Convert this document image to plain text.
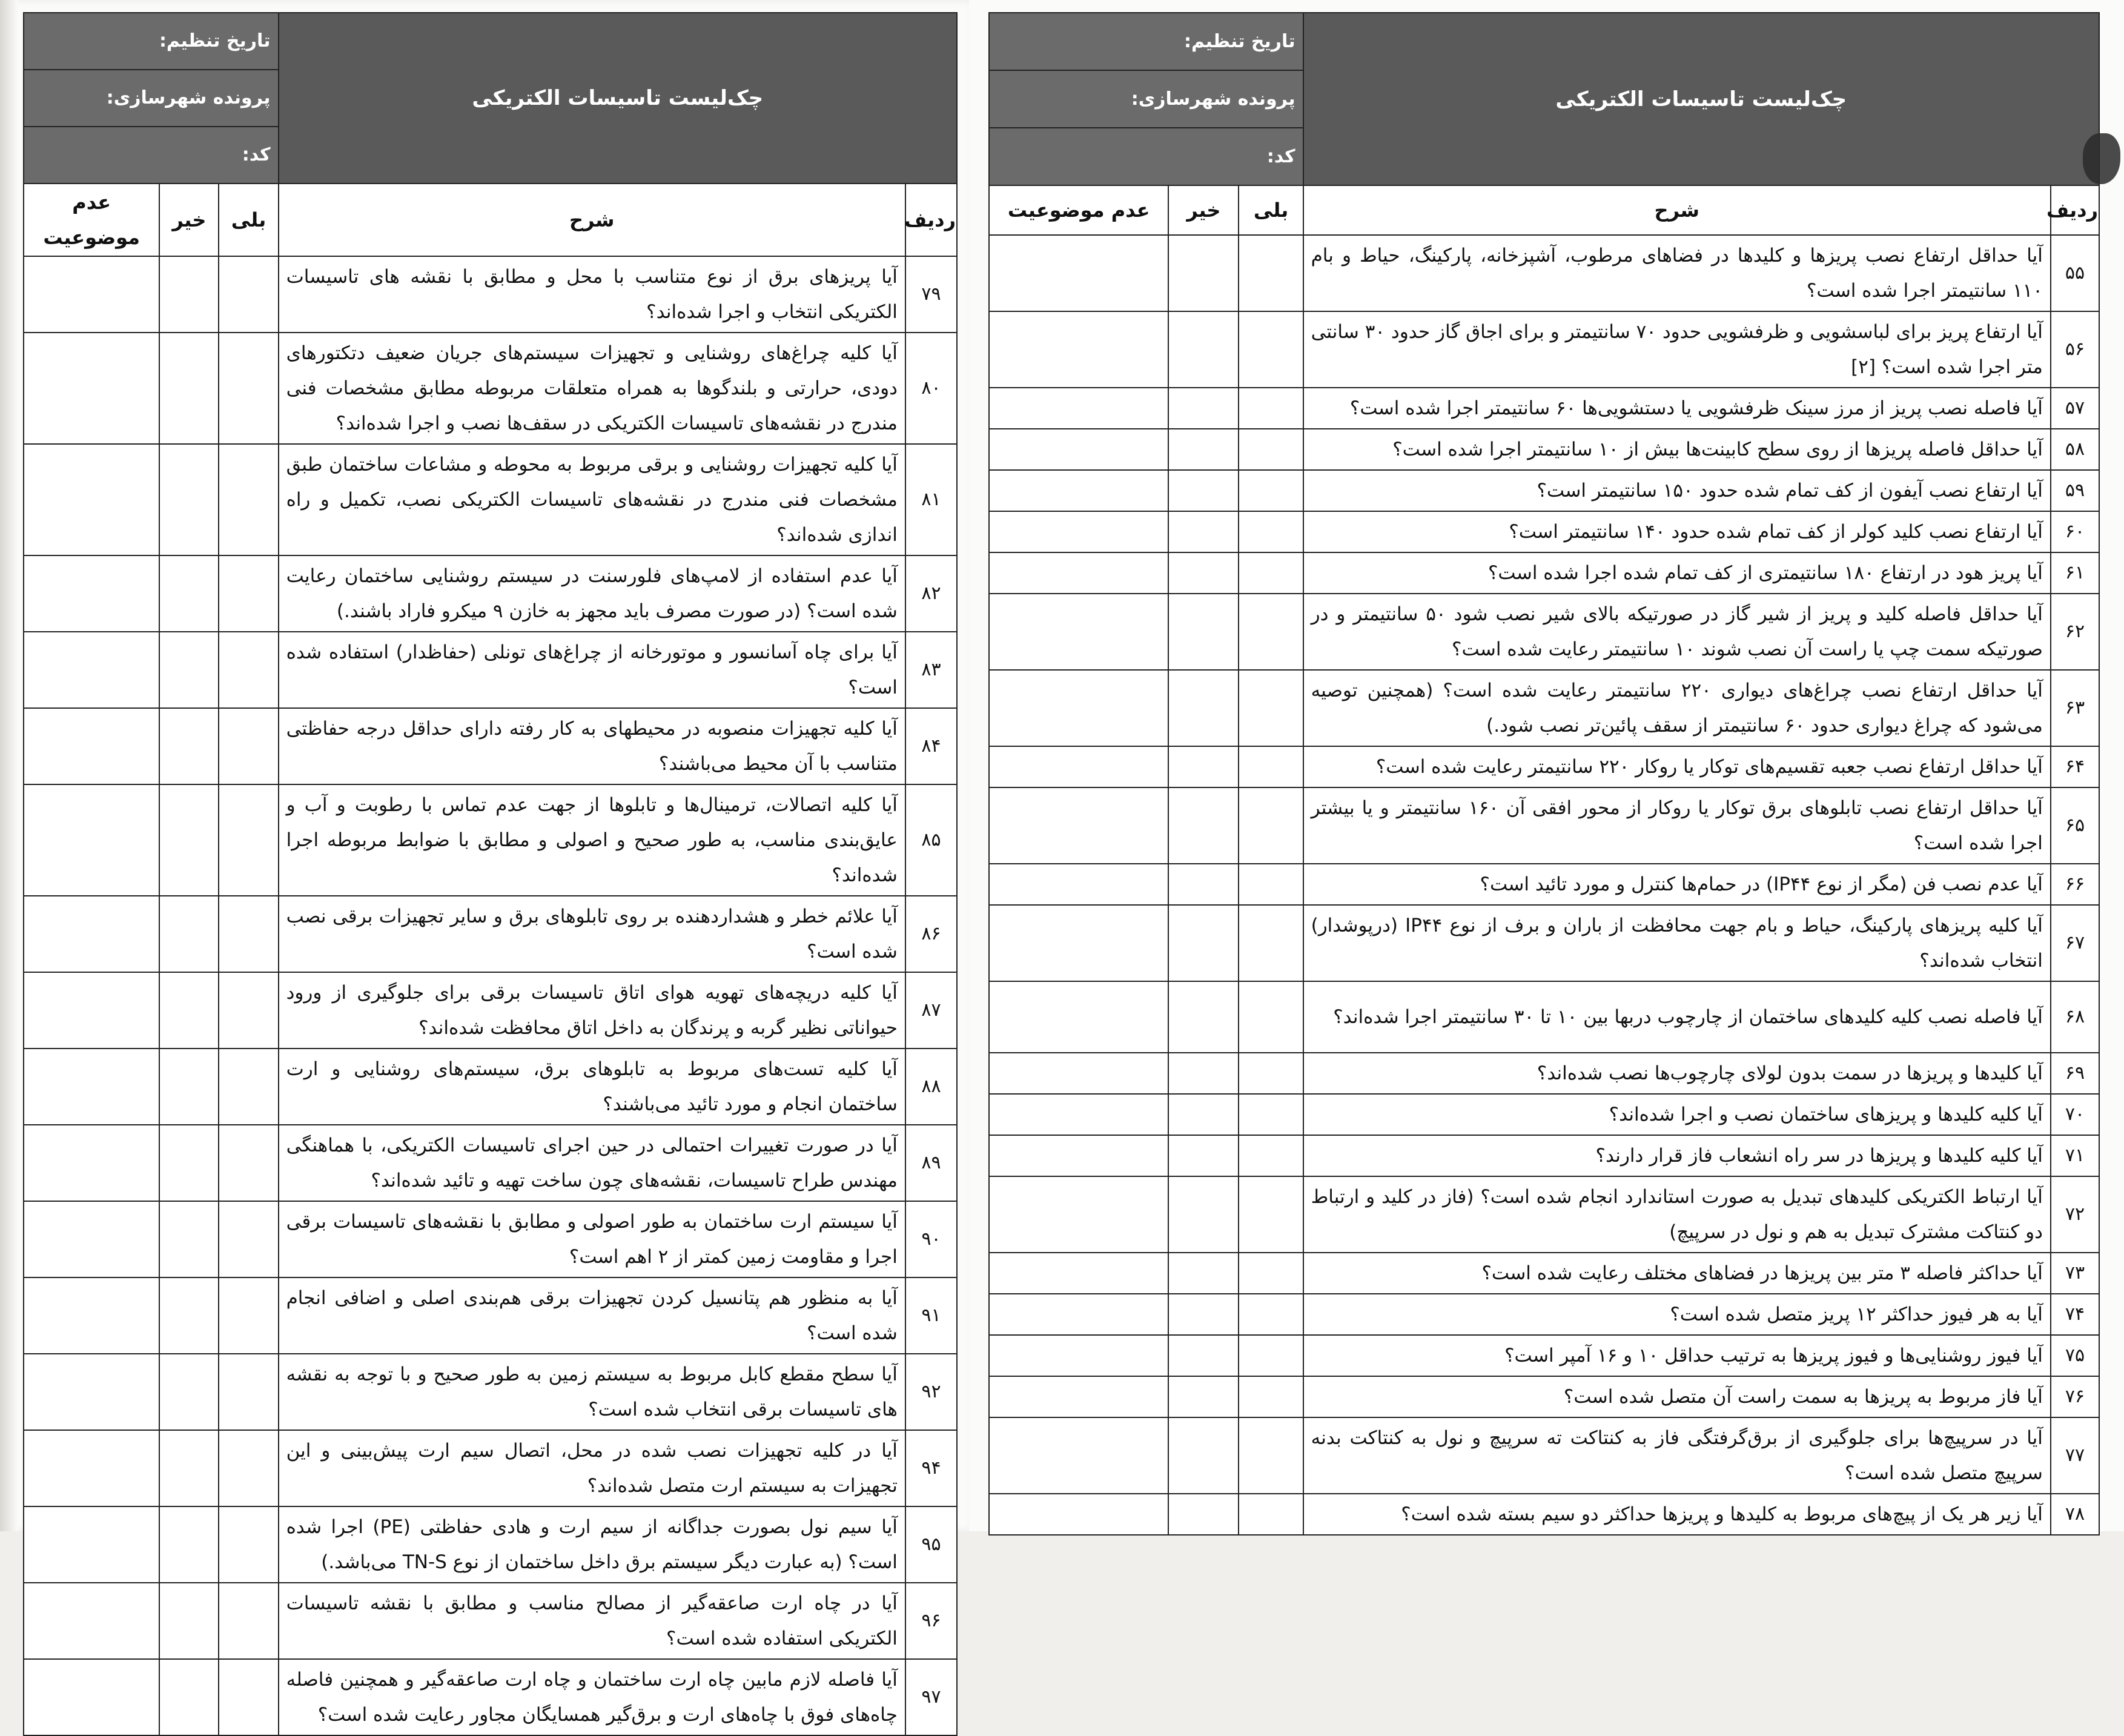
چک‌لیست تاسیسات الکتریکی		تاریخ تنظیم:		
		پرونده شهرسازی:		
		کد:		
ردیف	شرح	بلی	خیر	عدم موضوعیت
۷۹	آیا پریزهای برق از نوع متناسب با محل و مطابق با نقشه های تاسیسات الکتریکی انتخاب و اجرا شده‌اند؟			
۸۰	آیا کلیه چراغ‌های روشنایی و تجهیزات سیستم‌های جریان ضعیف دتکتورهای دودی، حرارتی و بلندگوها به همراه متعلقات مربوطه مطابق مشخصات فنی مندرج در نقشه‌های تاسیسات الکتریکی در سقف‌ها نصب و اجرا شده‌اند؟			
۸۱	آیا کلیه تجهیزات روشنایی و برقی مربوط به محوطه و مشاعات ساختمان طبق مشخصات فنی مندرج در نقشه‌های تاسیسات الکتریکی نصب، تکمیل و راه اندازی شده‌اند؟			
۸۲	آیا عدم استفاده از لامپ‌های فلورسنت در سیستم روشنایی ساختمان رعایت شده است؟ (در صورت مصرف باید مجهز به خازن ۹ میکرو فاراد باشند.)			
۸۳	آیا برای چاه آسانسور و موتورخانه از چراغ‌های تونلی (حفاظدار) استفاده شده است؟			
۸۴	آیا کلیه تجهیزات منصوبه در محیطهای به کار رفته دارای حداقل درجه حفاظتی متناسب با آن محیط می‌باشند؟			
۸۵	آیا کلیه اتصالات، ترمینال‌ها و تابلوها از جهت عدم تماس با رطوبت و آب و عایق‌بندی مناسب، به طور صحیح و اصولی و مطابق با ضوابط مربوطه اجرا شده‌اند؟			
۸۶	آیا علائم خطر و هشداردهنده بر روی تابلوهای برق و سایر تجهیزات برقی نصب شده است؟			
۸۷	آیا کلیه دریچه‌های تهویه هوای اتاق تاسیسات برقی برای جلوگیری از ورود حیواناتی نظیر گربه و پرندگان به داخل اتاق محافظت شده‌اند؟			
۸۸	آیا کلیه تست‌های مربوط به تابلوهای برق، سیستم‌های روشنایی و ارت ساختمان انجام و مورد تائید می‌باشند؟			
۸۹	آیا در صورت تغییرات احتمالی در حین اجرای تاسیسات الکتریکی، با هماهنگی مهندس طراح تاسیسات، نقشه‌های چون ساخت تهیه و تائید شده‌اند؟			
۹۰	آیا سیستم ارت ساختمان به طور اصولی و مطابق با نقشه‌های تاسیسات برقی اجرا و مقاومت زمین کمتر از ۲ اهم است؟			
۹۱	آیا به منظور هم پتانسیل کردن تجهیزات برقی هم‌بندی اصلی و اضافی انجام شده است؟			
۹۲	آیا سطح مقطع کابل مربوط به سیستم زمین به طور صحیح و با توجه به نقشه های تاسیسات برقی انتخاب شده است؟			
۹۴	آیا در کلیه تجهیزات نصب شده در محل، اتصال سیم ارت پیش‌بینی و این تجهیزات به سیستم ارت متصل شده‌اند؟			
۹۵	آیا سیم نول بصورت جداگانه از سیم ارت و هادی حفاظتی (PE) اجرا شده است؟ (به عبارت دیگر سیستم برق داخل ساختمان از نوع TN-S می‌باشد.)			
۹۶	آیا در چاه ارت صاعقه‌گیر از مصالح مناسب و مطابق با نقشه تاسیسات الکتریکی استفاده شده است؟			
۹۷	آیا فاصله لازم مابین چاه ارت ساختمان و چاه ارت صاعقه‌گیر و همچنین فاصله چاه‌های فوق با چاه‌های ارت و برق‌گیر همسایگان مجاور رعایت شده است؟			
چک‌لیست تاسیسات الکتریکی		تاریخ تنظیم:		
		پرونده شهرسازی:		
		کد:		
ردیف	شرح	بلی	خیر	عدم موضوعیت
۵۵	آیا حداقل ارتفاع نصب پریزها و کلیدها در فضاهای مرطوب، آشپزخانه، پارکینگ، حیاط و بام ۱۱۰ سانتیمتر اجرا شده است؟			
۵۶	آیا ارتفاع پریز برای لباسشویی و ظرفشویی حدود ۷۰ سانتیمتر و برای اجاق گاز حدود ۳۰ سانتی متر اجرا شده است؟ [۲]			
۵۷	آیا فاصله نصب پریز از مرز سینک ظرفشویی یا دستشویی‌ها ۶۰ سانتیمتر اجرا شده است؟			
۵۸	آیا حداقل فاصله پریزها از روی سطح کابینت‌ها بیش از ۱۰ سانتیمتر اجرا شده است؟			
۵۹	آیا ارتفاع نصب آیفون از کف تمام شده حدود ۱۵۰ سانتیمتر است؟			
۶۰	آیا ارتفاع نصب کلید کولر از کف تمام شده حدود ۱۴۰ سانتیمتر است؟			
۶۱	آیا پریز هود در ارتفاع ۱۸۰ سانتیمتری از کف تمام شده اجرا شده است؟			
۶۲	آیا حداقل فاصله کلید و پریز از شیر گاز در صورتیکه بالای شیر نصب شود ۵۰ سانتیمتر و در صورتیکه سمت چپ یا راست آن نصب شوند ۱۰ سانتیمتر رعایت شده است؟			
۶۳	آیا حداقل ارتفاع نصب چراغ‌های دیواری ۲۲۰ سانتیمتر رعایت شده است؟ (همچنین توصیه می‌شود که چراغ دیواری حدود ۶۰ سانتیمتر از سقف پائین‌تر نصب شود.)			
۶۴	آیا حداقل ارتفاع نصب جعبه تقسیم‌های توکار یا روکار ۲۲۰ سانتیمتر رعایت شده است؟			
۶۵	آیا حداقل ارتفاع نصب تابلوهای برق توکار یا روکار از محور افقی آن ۱۶۰ سانتیمتر و یا بیشتر اجرا شده است؟			
۶۶	آیا عدم نصب فن (مگر از نوع IP۴۴) در حمام‌ها کنترل و مورد تائید است؟			
۶۷	آیا کلیه پریزهای پارکینگ، حیاط و بام جهت محافظت از باران و برف از نوع IP۴۴ (درپوشدار) انتخاب شده‌اند؟			
۶۸	آیا فاصله نصب کلیه کلیدهای ساختمان از چارچوب دربها بین ۱۰ تا ۳۰ سانتیمتر اجرا شده‌اند؟			
۶۹	آیا کلیدها و پریزها در سمت بدون لولای چارچوب‌ها نصب شده‌اند؟			
۷۰	آیا کلیه کلیدها و پریزهای ساختمان نصب و اجرا شده‌اند؟			
۷۱	آیا کلیه کلیدها و پریزها در سر راه انشعاب فاز قرار دارند؟			
۷۲	آیا ارتباط الکتریکی کلیدهای تبدیل به صورت استاندارد انجام شده است؟ (فاز در کلید و ارتباط دو کنتاکت مشترک تبدیل به هم و نول در سرپیچ)			
۷۳	آیا حداکثر فاصله ۳ متر بین پریزها در فضاهای مختلف رعایت شده است؟			
۷۴	آیا به هر فیوز حداکثر ۱۲ پریز متصل شده است؟			
۷۵	آیا فیوز روشنایی‌ها و فیوز پریزها به ترتیب حداقل ۱۰ و ۱۶ آمپر است؟			
۷۶	آیا فاز مربوط به پریزها به سمت راست آن متصل شده است؟			
۷۷	آیا در سرپیچ‌ها برای جلوگیری از برق‌گرفتگی فاز به کنتاکت ته سرپیچ و نول به کنتاکت بدنه سرپیچ متصل شده است؟			
۷۸	آیا زیر هر یک از پیچ‌های مربوط به کلیدها و پریزها حداکثر دو سیم بسته شده است؟			
